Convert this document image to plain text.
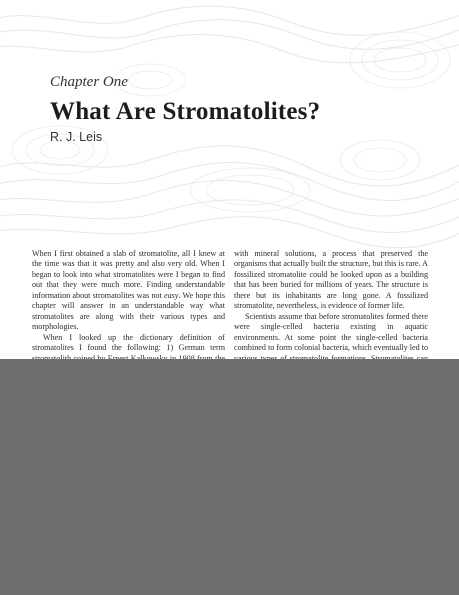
Chapter One
What Are Stromatolites?
R. J. Leis

When I first obtained a slab of stromatolite, all I knew at the time was that it was pretty and also very old. When I began to look into what stromatolites were I began to find out that they were much more. Finding understandable information about stromatolites was not easy. We hope this chapter will answer in an understandable way what stromatolites are along with their various types and morphologies.

When I looked up the dictionary definition of stromatolites I found the following: 1) German term

with mineral solutions, a process that preserved the organisms that actually built the structure, but this is rare. A fossilized stromatolite could be looked upon as a building that has been buried for millions of years. The structure is there but its inhabitants are long gone. A fossilized stromatolite, nevertheless, is evidence of former life.

Scientists assume that before stromatolites formed there were single-celled bacteria existing in aquatic environments. At some point the single-celled bacteria combined to form colonial bacteria, which eventually led to
